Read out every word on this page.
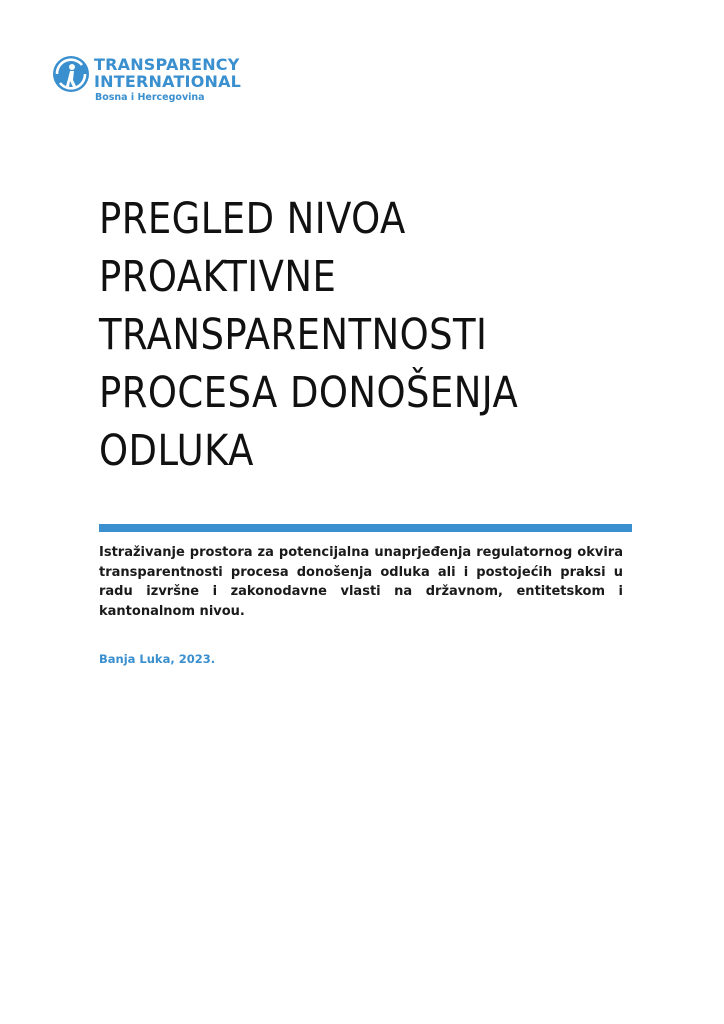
TRANSPARENCY
INTERNATIONAL
Bosna i Hercegovina
PREGLED NIVOA
PROAKTIVNE
TRANSPARENTNOSTI
PROCESA DONOŠENJA
ODLUKA

Istraživanje prostora za potencijalna unaprjeđenja regulatornog okvira transparentnosti procesa donošenja odluka ali i postojećih praksi u radu izvršne i zakonodavne vlasti na državnom, entitetskom i kantonalnom nivou.

Banja Luka, 2023.
